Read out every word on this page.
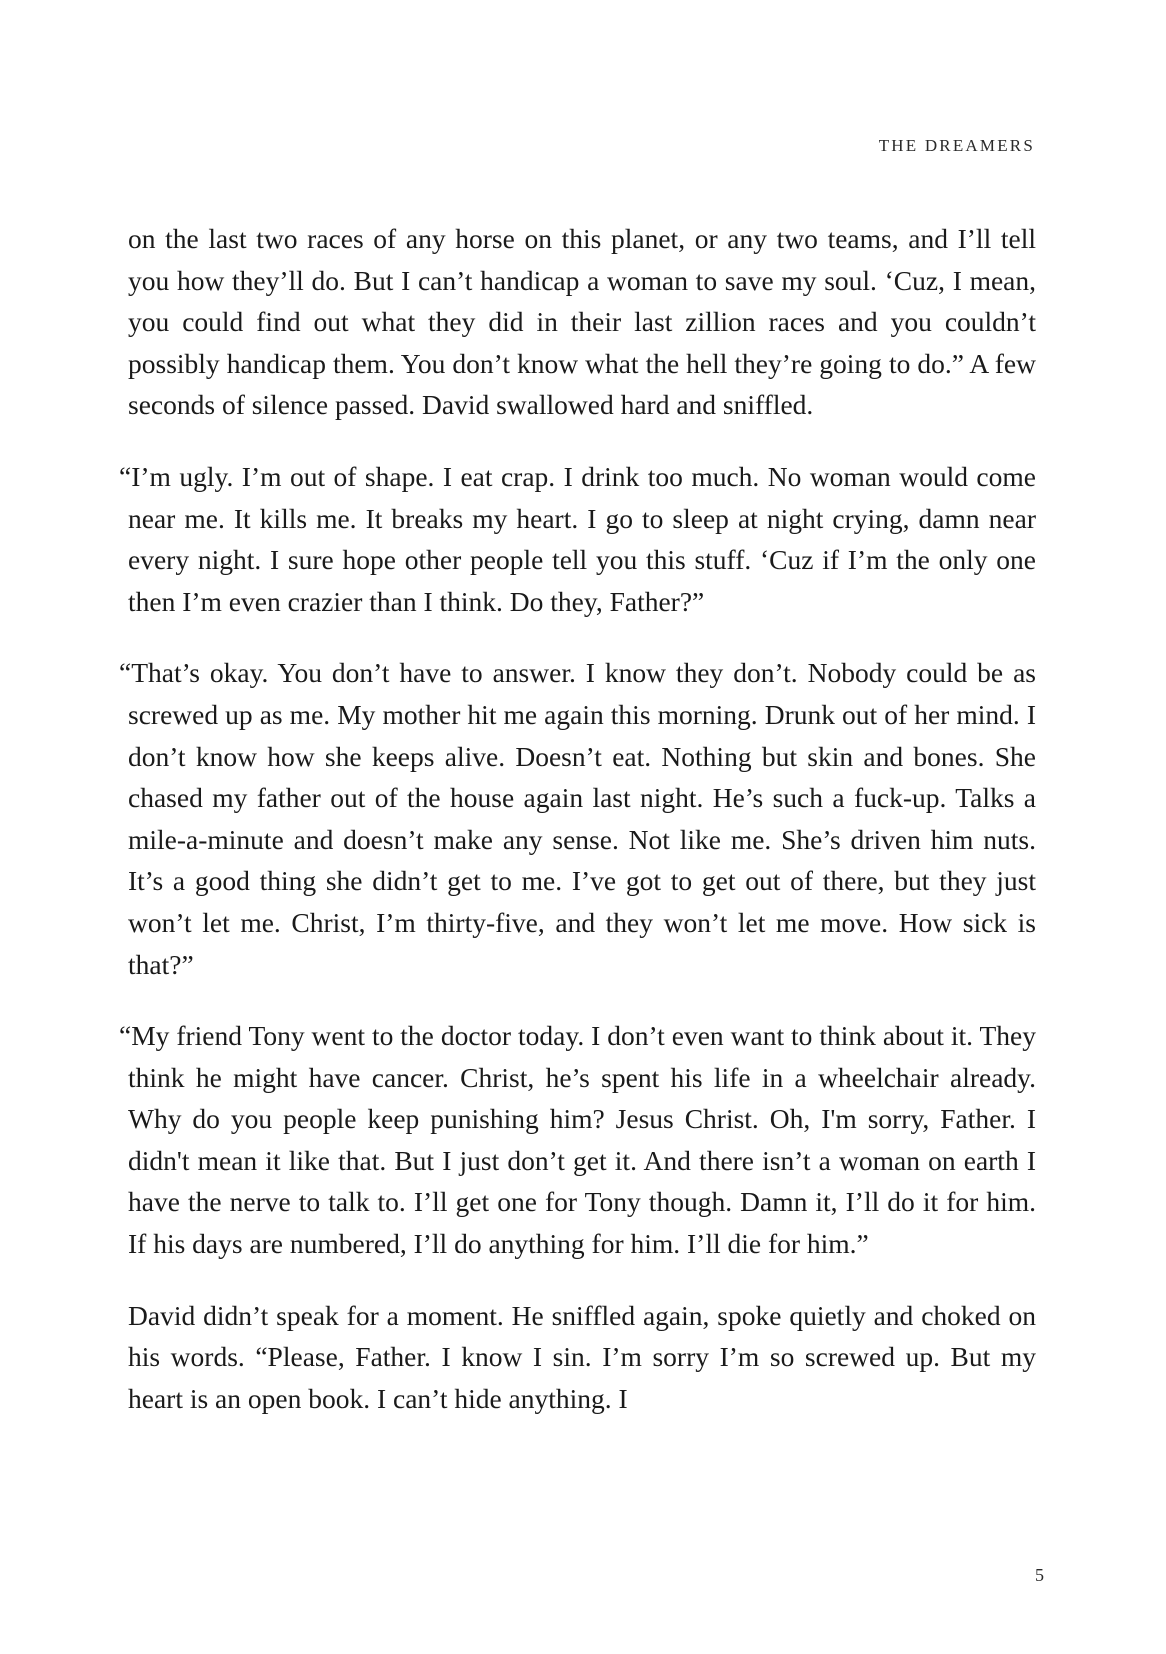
THE DREAMERS

on the last two races of any horse on this planet, or any two teams, and I’ll tell you how they’ll do. But I can’t handicap a woman to save my soul. ‘Cuz, I mean, you could find out what they did in their last zillion races and you couldn’t possibly handicap them. You don’t know what the hell they’re going to do.” A few seconds of silence passed. David swallowed hard and sniffled.

“I’m ugly. I’m out of shape. I eat crap. I drink too much. No woman would come near me. It kills me. It breaks my heart. I go to sleep at night crying, damn near every night. I sure hope other people tell you this stuff. ‘Cuz if I’m the only one then I’m even crazier than I think. Do they, Father?”

“That’s okay. You don’t have to answer. I know they don’t. Nobody could be as screwed up as me. My mother hit me again this morning. Drunk out of her mind. I don’t know how she keeps alive. Doesn’t eat. Nothing but skin and bones. She chased my father out of the house again last night. He’s such a fuck-up. Talks a mile-a-minute and doesn’t make any sense. Not like me. She’s driven him nuts. It’s a good thing she didn’t get to me. I’ve got to get out of there, but they just won’t let me. Christ, I’m thirty-five, and they won’t let me move. How sick is that?”

“My friend Tony went to the doctor today. I don’t even want to think about it. They think he might have cancer. Christ, he’s spent his life in a wheelchair already. Why do you people keep punishing him? Jesus Christ. Oh, I'm sorry, Father. I didn't mean it like that. But I just don’t get it. And there isn’t a woman on earth I have the nerve to talk to. I’ll get one for Tony though. Damn it, I’ll do it for him. If his days are numbered, I’ll do anything for him. I’ll die for him.”

David didn’t speak for a moment. He sniffled again, spoke quietly and choked on his words. “Please, Father. I know I sin. I’m sorry I’m so screwed up. But my heart is an open book. I can’t hide anything. I

5
